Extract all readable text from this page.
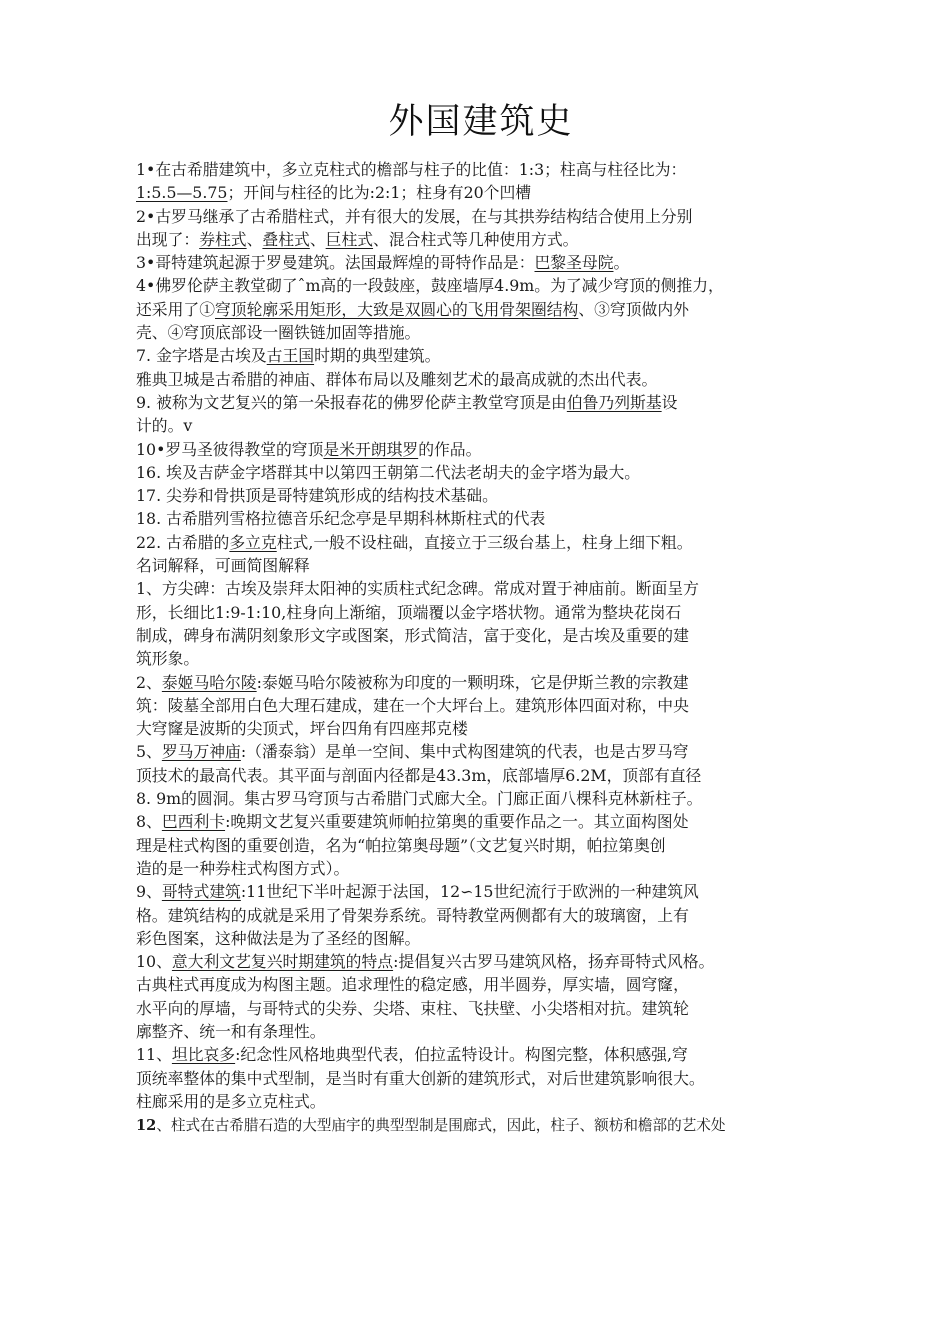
外国建筑史
1•在古希腊建筑中，多立克柱式的檐部与柱子的比值：1:3；柱高与柱径比为：
1:5.5—5.75；开间与柱径的比为:2:1；柱身有20个凹槽
2•古罗马继承了古希腊柱式，并有很大的发展，在与其拱券结构结合使用上分别
出现了：券柱式、叠柱式、巨柱式、混合柱式等几种使用方式。
3•哥特建筑起源于罗曼建筑。法国最辉煌的哥特作品是：巴黎圣母院。
4•佛罗伦萨主教堂砌了ˆm高的一段鼓座，鼓座墙厚4.9m。为了减少穹顶的侧推力，
还采用了①穹顶轮廓采用矩形，大致是双圆心的飞用骨架圈结构、③穹顶做内外
壳、④穹顶底部设一圈铁链加固等措施。
7. 金字塔是古埃及古王国时期的典型建筑。
雅典卫城是古希腊的神庙、群体布局以及雕刻艺术的最高成就的杰出代表。
9. 被称为文艺复兴的第一朵报春花的佛罗伦萨主教堂穹顶是由伯鲁乃列斯基设
计的。v
10•罗马圣彼得教堂的穹顶是米开朗琪罗的作品。
16. 埃及吉萨金字塔群其中以第四王朝第二代法老胡夫的金字塔为最大。
17. 尖券和骨拱顶是哥特建筑形成的结构技术基础。
18. 古希腊列雪格拉德音乐纪念亭是早期科林斯柱式的代表
22. 古希腊的多立克柱式,一般不设柱础，直接立于三级台基上，柱身上细下粗。
名词解释，可画简图解释
1、方尖碑：古埃及崇拜太阳神的实质柱式纪念碑。常成对置于神庙前。断面呈方
形，长细比1:9-1:10,柱身向上渐缩，顶端覆以金字塔状物。通常为整块花岗石
制成，碑身布满阴刻象形文字或图案，形式简洁，富于变化，是古埃及重要的建
筑形象。
2、泰姬马哈尔陵:泰姬马哈尔陵被称为印度的一颗明珠，它是伊斯兰教的宗教建
筑：陵墓全部用白色大理石建成，建在一个大坪台上。建筑形体四面对称，中央
大穹窿是波斯的尖顶式，坪台四角有四座邦克楼
5、罗马万神庙:（潘泰翁）是单一空间、集中式构图建筑的代表，也是古罗马穹
顶技术的最高代表。其平面与剖面内径都是43.3m，底部墙厚6.2M，顶部有直径
8. 9m的圆洞。集古罗马穹顶与古希腊门式廊大全。门廊正面八棵科克林新柱子。
8、巴西利卡:晚期文艺复兴重要建筑师帕拉第奥的重要作品之一。其立面构图处
理是柱式构图的重要创造，名为“帕拉第奥母题”（文艺复兴时期，帕拉第奥创
造的是一种券柱式构图方式）。
9、哥特式建筑:11世纪下半叶起源于法国，12∽15世纪流行于欧洲的一种建筑风
格。建筑结构的成就是采用了骨架券系统。哥特教堂两侧都有大的玻璃窗，上有
彩色图案，这种做法是为了圣经的图解。
10、意大利文艺复兴时期建筑的特点:提倡复兴古罗马建筑风格，扬弃哥特式风格。
古典柱式再度成为构图主题。追求理性的稳定感，用半圆券，厚实墙，圆穹窿，
水平向的厚墙，与哥特式的尖券、尖塔、束柱、飞扶壁、小尖塔相对抗。建筑轮
廓整齐、统一和有条理性。
11、坦比哀多:纪念性风格地典型代表，伯拉孟特设计。构图完整，体积感强,穹
顶统率整体的集中式型制，是当时有重大创新的建筑形式，对后世建筑影响很大。
柱廊采用的是多立克柱式。
12、柱式在古希腊石造的大型庙宇的典型型制是围廊式，因此，柱子、额枋和檐部的艺术处
